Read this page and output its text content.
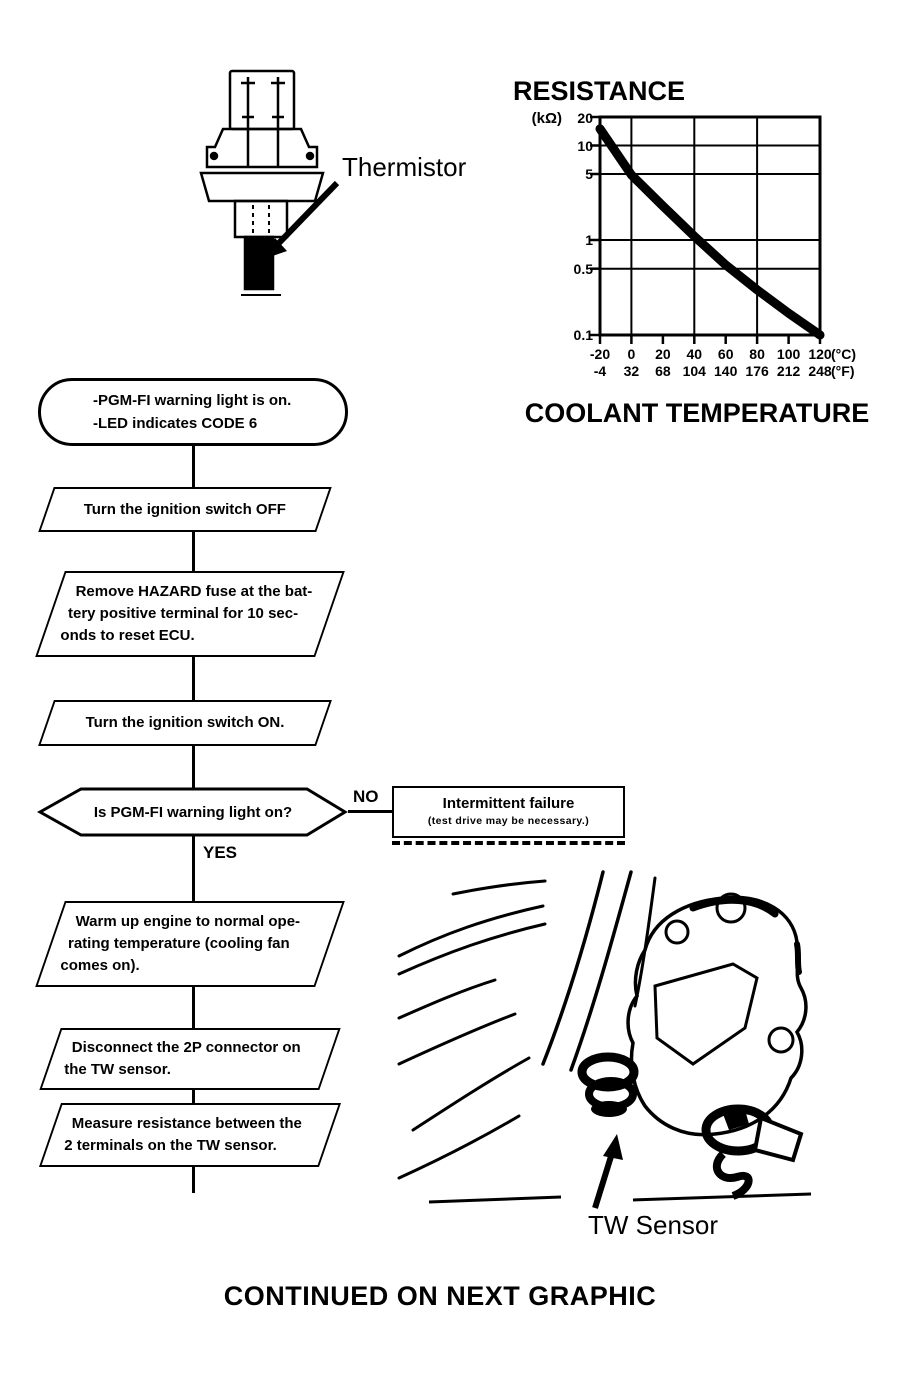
Thermistor
RESISTANCE
(kΩ) 20
10
5
1
0.5
0.1
-20 0 20 40 60 80 100 120 (°C)
-4 32 68 104 140 176 212 248 (°F)
COOLANT TEMPERATURE
-PGM-FI warning light is on.
-LED indicates CODE 6
Turn the ignition switch OFF
Remove HAZARD fuse at the bat-
tery positive terminal for 10 sec-
onds to reset ECU.
Turn the ignition switch ON.
Is PGM-FI warning light on?
NO
YES
Intermittent failure
(test drive may be necessary.)
Warm up engine to normal ope-
rating temperature (cooling fan
comes on).
Disconnect the 2P connector on
the TW sensor.
Measure resistance between the
2 terminals on the TW sensor.
TW Sensor
CONTINUED ON NEXT GRAPHIC
